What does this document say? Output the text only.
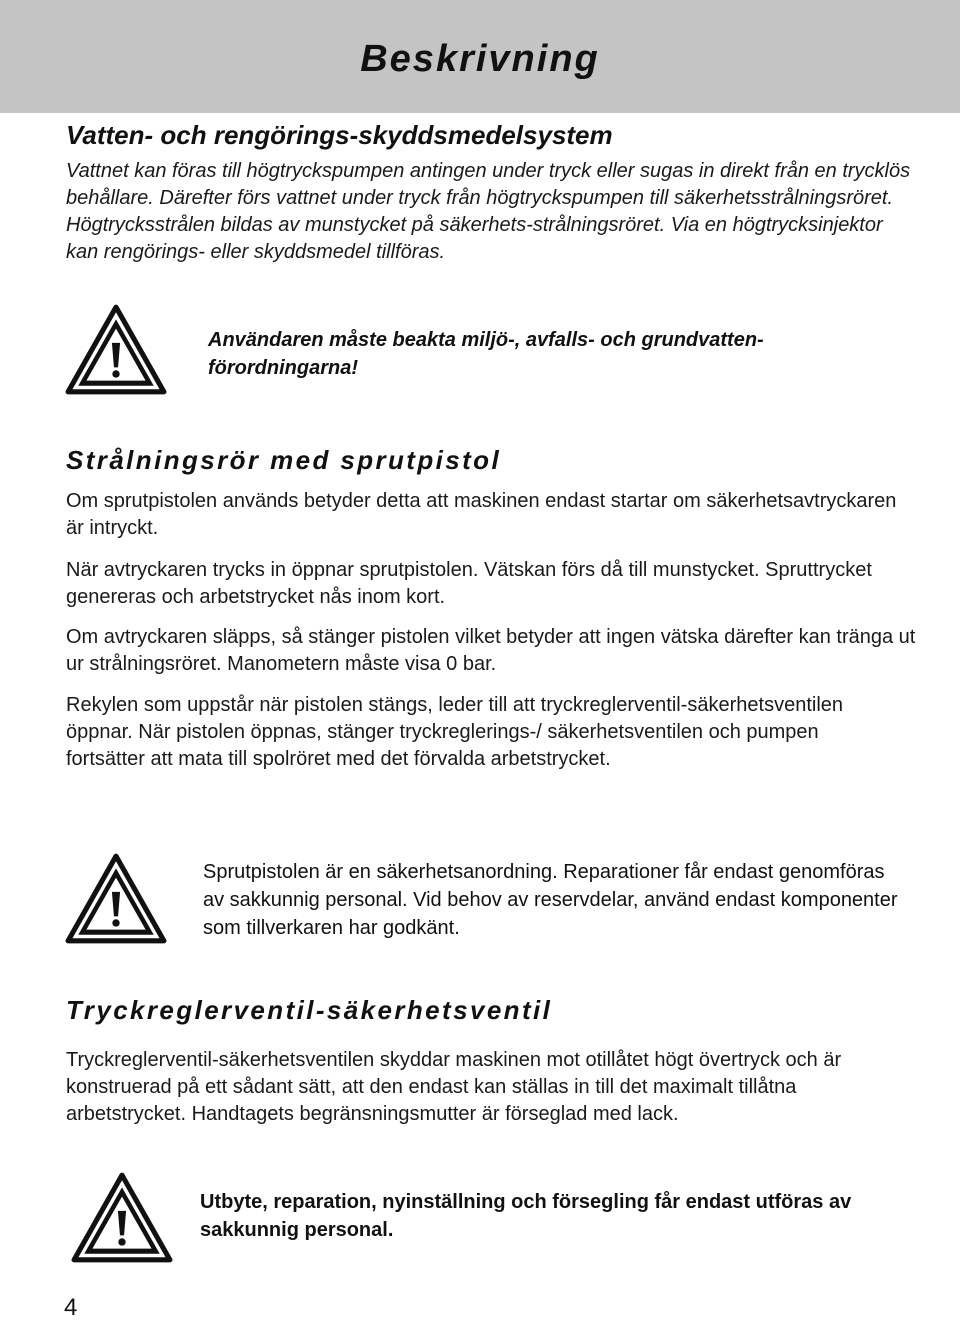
Beskrivning
Vatten- och rengörings-skyddsmedelsystem

Vattnet kan föras till högtryckspumpen antingen under tryck eller sugas in direkt från en trycklös behållare. Därefter förs vattnet under tryck från högtryckspumpen till säkerhetsstrålningsröret. Högtrycksstrålen bildas av munstycket på säkerhets-strålningsröret. Via en högtrycksinjektor kan rengörings- eller skyddsmedel tillföras.

Användaren måste beakta miljö-, avfalls- och grundvatten-förordningarna!

Strålningsrör med sprutpistol

Om sprutpistolen används betyder detta att maskinen endast startar om säkerhetsavtryckaren är intryckt.

När avtryckaren trycks in öppnar sprutpistolen. Vätskan förs då till munstycket. Spruttrycket genereras och arbetstrycket nås inom kort.

Om avtryckaren släpps, så stänger pistolen vilket betyder att ingen vätska därefter kan tränga ut ur strålningsröret. Manometern måste visa 0 bar.

Rekylen som uppstår när pistolen stängs, leder till att tryckreglerventil-säkerhetsventilen öppnar. När pistolen öppnas, stänger tryckreglerings-/ säkerhetsventilen och pumpen fortsätter att mata till spolröret med det förvalda arbetstrycket.

Sprutpistolen är en säkerhetsanordning. Reparationer får endast genomföras av sakkunnig personal. Vid behov av reservdelar, använd endast komponenter som tillverkaren har godkänt.

Tryckreglerventil-säkerhetsventil

Tryckreglerventil-säkerhetsventilen skyddar maskinen mot otillåtet högt övertryck och är konstruerad på ett sådant sätt, att den endast kan ställas in till det maximalt tillåtna arbetstrycket. Handtagets begränsningsmutter är förseglad med lack.

Utbyte, reparation, nyinställning och försegling får endast utföras av sakkunnig personal.

4
